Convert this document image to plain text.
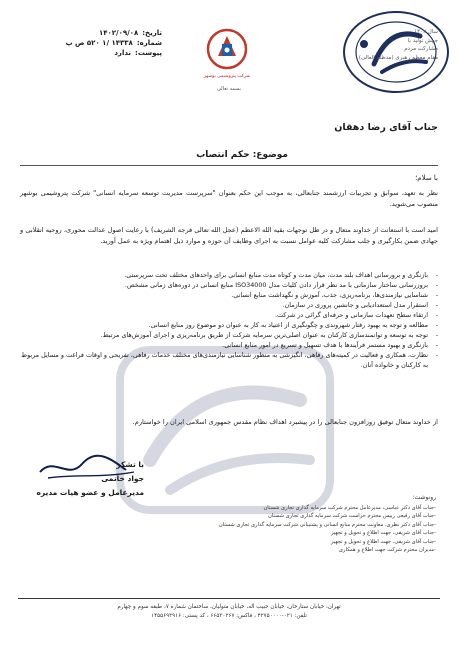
سال ۱۴۰۲
جهش تولید با
مشارکت مردم
مقام معظم رهبری (مدظله العالی)
تاریخ:
۱۴۰۲/۰۹/۰۸
شماره:
۱۴۳۳۸ /۱ ۵۲۰ ص پ
پیوست:
ندارد
شرکت پتروشیمی بوشهر
بسمه تعالی
جناب آقای رضا دهقان
موضوع: حکم انتصاب
با سلام؛
نظر به تعهد، سوابق و تجربیات ارزشمند جنابعالی، به موجب این حکم بعنوان "سرپرست مدیریت توسعه سرمایه انسانی" شرکت پتروشیمی بوشهر منصوب می‌شوید.
امید است با استعانت از خداوند متعال و در ظل توجهات بقیه الله الاعظم (عجل الله تعالی فرجه الشریف) با رعایت اصول عدالت محوری، روحیه انقلابی و جهادی ضمن بکارگیری و جلب مشارکت کلیه عوامل نسبت به اجرای وظایف آن حوزه و موارد ذیل اهتمام ویژه به عمل آورید.
- بازنگری و برورسانی اهداف بلند مدت، میان مدت و کوتاه مدت منابع انسانی برای واحدهای مختلف تحت سرپرستی.
- بروزرسانی ساختار سازمانی با مد نظر قرار دادن کلیات مدل ISO34000 منابع انسانی در دوره‌های زمانی مشخص.
- شناسایی نیازمندی‌ها، برنامه‌ریزی، جذب، آموزش و نگهداشت منابع انسانی.
- استقرار مدل استعدادیابی و جانشین پروری در سازمان.
- ارتقاء سطح تعهدات سازمانی و حرفه‌ای گرائی در شرکت.
- مطالعه و توجه به بهبود رفتار شهروندی و چگونگیری از اعتیاد به کار به عنوان دو موضوع روز منابع انسانی.
- توجه به توسعه و توانمندسازی کارکنان به عنوان اصلی‌ترین سرمایه شرکت از طریق برنامه‌ریزی و اجرای آموزش‌های مرتبط.
- بازنگری و بهبود مستمر فرآیندها با هدف تسهیل و تسریع در امور منابع انسانی.
- نظارت، همکاری و فعالیت در کمیته‌های رفاهی، انگیزشی به منظور شناسایی نیازمندی‌های مختلف خدمات رفاهی، تفریحی و اوقات فراغت و مسایل مربوط به کارکنان و خانواده آنان.
از خداوند متعال توفیق روزافزون جنابعالی را در پیشبرد اهداف نظام مقدس جمهوری اسلامی ایران را خواستارم.
با تشکر
جواد خانمی
مدیرعامل و عضو هیات مدیره
رونوشت:
-جناب آقای دکتر عباسی، مدیرعامل محترم شرکت سرمایه گذاری تجاری شستان
-جناب آقای رفیعی رییس محترم حراست شرکت سرمایه گذاری تجاری شستان
-جناب آقای دکتر نظری، معاونت محترم منابع انسانی و پشتیبانی شرکت سرمایه گذاری تجاری شستان
-جناب آقای شریفی، جهت اطلاع و تحویل و تجهیز
-جناب آقای شریفی، جهت اطلاع و تحویل و تجهیز
-مدیران محترم شرکت جهت اطلاع و همکاری
تهران، خیابان ستارخان، خیابان حبیب اله، خیابان متولیان، ساختمان شماره ۷، طبقه سوم و چهارم
تلفن: ۰۲۱-۴۲۷۵۰۰۰۰ ، فاکس: ۶۶۵۳۰۲۶۷ ، کد پستی: ۱۴۵۵۶۹۳۹۱۶
